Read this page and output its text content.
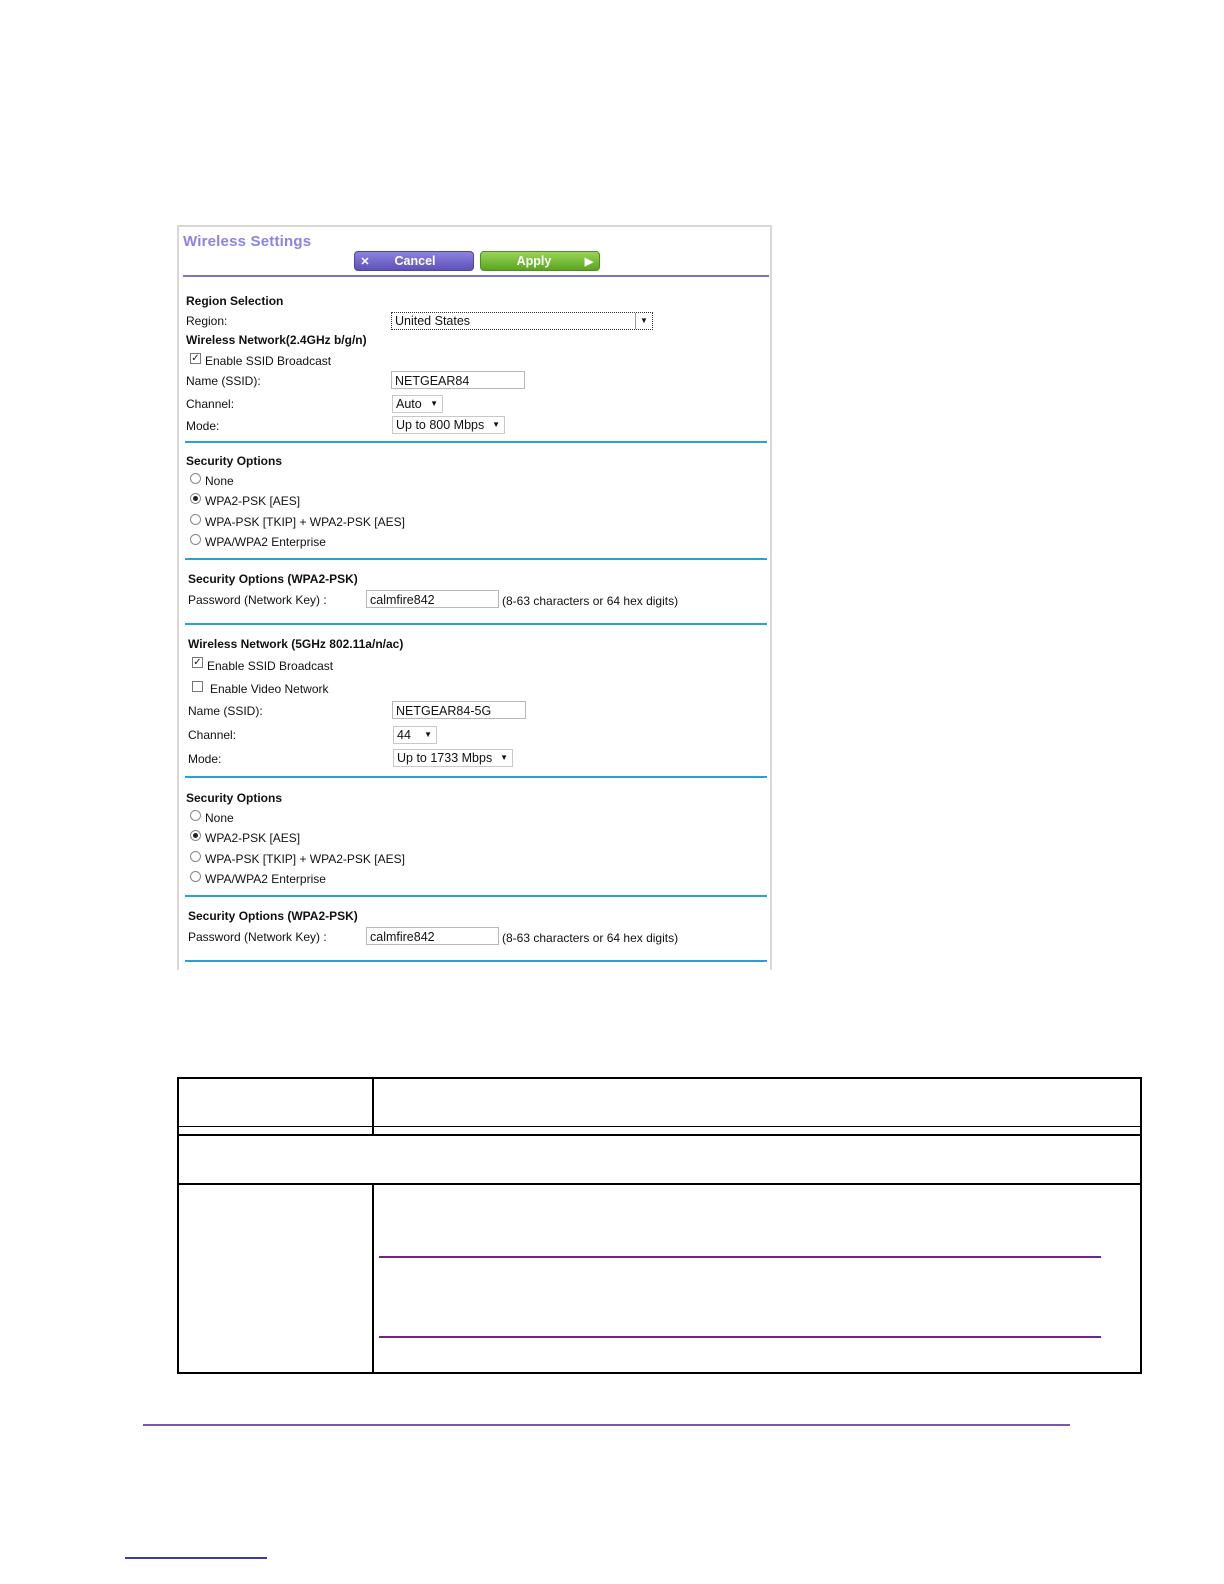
Wireless Settings
✕	Cancel	Apply	▶
Region Selection
Region:	United States	▼
Wireless Network(2.4GHz b/g/n)
✓ Enable SSID Broadcast
Name (SSID):	NETGEAR84
Channel:	Auto ▼
Mode:	Up to 800 Mbps ▼
Security Options
None
WPA2-PSK [AES]
WPA-PSK [TKIP] + WPA2-PSK [AES]
WPA/WPA2 Enterprise
Security Options (WPA2-PSK)
Password (Network Key) :	calmfire842	(8-63 characters or 64 hex digits)
Wireless Network (5GHz 802.11a/n/ac)
✓ Enable SSID Broadcast
Enable Video Network
Name (SSID):	NETGEAR84-5G
Channel:	44 ▼
Mode:	Up to 1733 Mbps ▼
Security Options
None
WPA2-PSK [AES]
WPA-PSK [TKIP] + WPA2-PSK [AES]
WPA/WPA2 Enterprise
Security Options (WPA2-PSK)
Password (Network Key) :	calmfire842	(8-63 characters or 64 hex digits)
